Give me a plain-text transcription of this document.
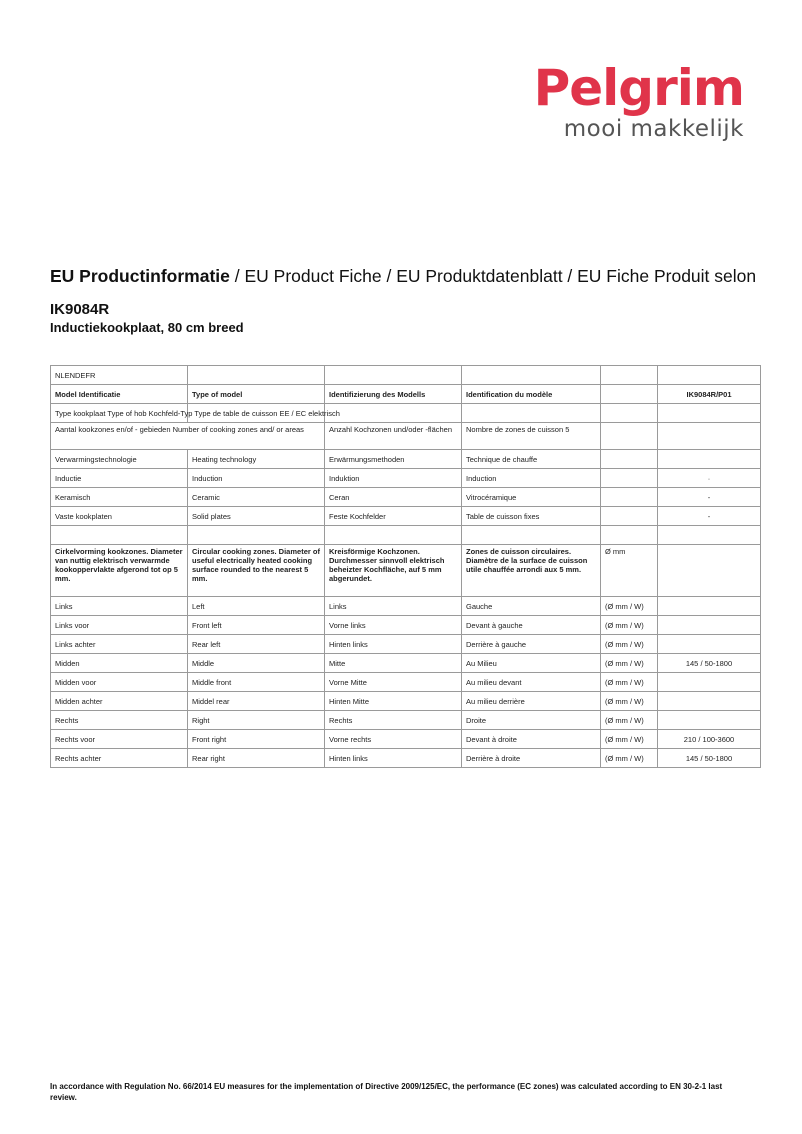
Pelgrim
mooi makkelijk
EU Productinformatie / EU Product Fiche / EU Produktdatenblatt / EU Fiche Produit selon
IK9084R
Inductiekookplaat, 80 cm breed
NLENDEFR					
Model Identificatie	Type of model	Identifizierung des Modells	Identification du modèle		IK9084R/P01
Type kookplaat Type of hob Kochfeld-Typ Type de table de cuisson EE / EC elektrisch					
Aantal kookzones en/of - gebieden Number of cooking zones and/ or areas		Anzahl Kochzonen und/oder -flächen	Nombre de zones de cuisson 5		
Verwarmingstechnologie	Heating technology	Erwärmungsmethoden	Technique de chauffe		
Inductie	Induction	Induktion	Induction		·
Keramisch	Ceramic	Ceran	Vitrocéramique		-
Vaste kookplaten	Solid plates	Feste Kochfelder	Table de cuisson fixes		-

Cirkelvorming kookzones. Diameter van nuttig elektrisch verwarmde kookoppervlakte afgerond tot op 5 mm.	Circular cooking zones. Diameter of useful electrically heated cooking surface rounded to the nearest 5 mm.	Kreisförmige Kochzonen. Durchmesser sinnvoll elektrisch beheizter Kochfläche, auf 5 mm abgerundet.	Zones de cuisson circulaires. Diamètre de la surface de cuisson utile chauffée arrondi aux 5 mm.	Ø mm	
Links	Left	Links	Gauche	(Ø mm / W)	
Links voor	Front left	Vorne links	Devant à gauche	(Ø mm / W)	
Links achter	Rear left	Hinten links	Derrière à gauche	(Ø mm / W)	
Midden	Middle	Mitte	Au Milieu	(Ø mm / W)	145 / 50-1800
Midden voor	Middle front	Vorne Mitte	Au milieu devant	(Ø mm / W)	
Midden achter	Middel rear	Hinten Mitte	Au milieu derrière	(Ø mm / W)	
Rechts	Right	Rechts	Droite	(Ø mm / W)	
Rechts voor	Front right	Vorne rechts	Devant à droite	(Ø mm / W)	210 / 100-3600
Rechts achter	Rear right	Hinten links	Derrière à droite	(Ø mm / W)	145 / 50-1800
In accordance with Regulation No. 66/2014 EU measures for the implementation of Directive 2009/125/EC, the performance (EC zones) was calculated according to EN 30-2-1 last review.
